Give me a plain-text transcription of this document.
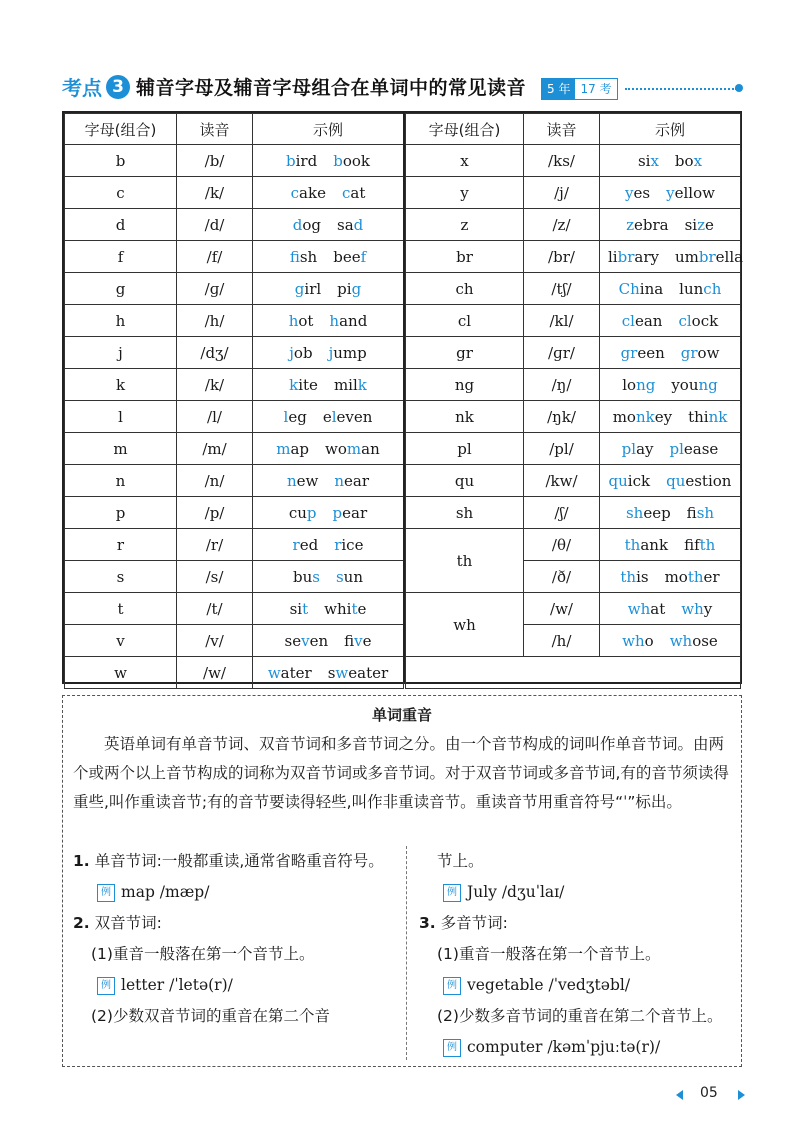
考点 3 辅音字母及辅音字母组合在单词中的常见读音	5 年 17 考
字母(组合)	读音	示例
b	/b/	bird book
c	/k/	cake cat
d	/d/	dog sad
f	/f/	fish beef
g	/ɡ/	girl pig
h	/h/	hot hand
j	/dʒ/	job jump
k	/k/	kite milk
l	/l/	leg eleven
m	/m/	map woman
n	/n/	new near
p	/p/	cup pear
r	/r/	red rice
s	/s/	bus sun
t	/t/	sit white
v	/v/	seven five
w	/w/	water sweater
字母(组合)	读音	示例
x	/ks/	six box
y	/j/	yes yellow
z	/z/	zebra size
br	/br/	library umbrella
ch	/tʃ/	China lunch
cl	/kl/	clean clock
gr	/ɡr/	green grow
ng	/ŋ/	long young
nk	/ŋk/	monkey think
pl	/pl/	play please
qu	/kw/	quick question
sh	/ʃ/	sheep fish
th	/θ/	thank fifth
	/ð/	this mother
wh	/w/	what why
	/h/	who whose

单词重音
英语单词有单音节词、双音节词和多音节词之分。由一个音节构成的词叫作单音节词。由两个或两个以上音节构成的词称为双音节词或多音节词。对于双音节词或多音节词,有的音节须读得重些,叫作重读音节;有的音节要读得轻些,叫作非重读音节。重读音节用重音符号“ˈ”标出。
1. 单音节词:一般都重读,通常省略重音符号。
例 map /mæp/
2. 双音节词:
(1)重音一般落在第一个音节上。
例 letter /ˈletə(r)/
(2)少数双音节词的重音在第二个音
节上。
例 July /dʒuˈlaɪ/
3. 多音节词:
(1)重音一般落在第一个音节上。
例 vegetable /ˈvedʒtəbl/
(2)少数多音节词的重音在第二个音节上。
例 computer /kəmˈpjuːtə(r)/
05
